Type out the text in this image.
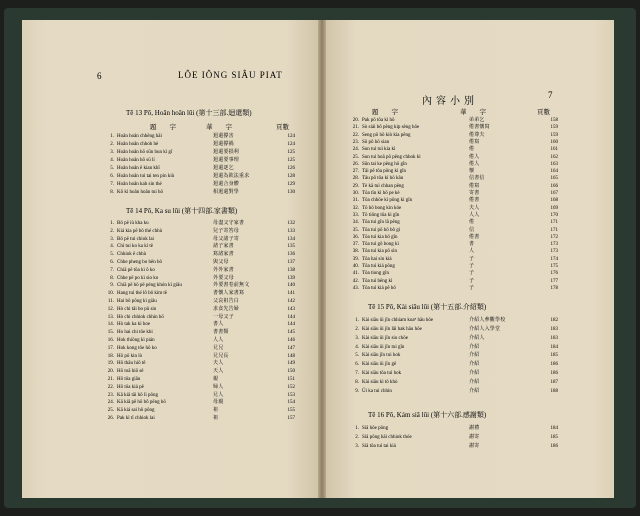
6	LÔE IÔNG SIÂU PIAT
Tē 13 Pō, Hoân hoân lūi (第十三部.迴還類)
題　　字	華　　字	頁數
1. Hoân hoân chhēng hāi	迴還撐害	124
2. Hoân hoân chhoh hè	迴還撐禍	124
3. Hoân hoân hō sûn bun kì gî	迴還要損利	125
4. Hoân hoân hō sū lí	迴還要事理	125
5. Hoân hoân ê kian khî	迴還逐乞	126
6. Hoân hoân tui tai ten pin kiù	迴還為欽法重求	128
7. Hoân hoân kah sin thé	迴還合身體	129
8. Kô kì hoân hoân tui hō	相迴還對學	130
Tē 14 Pō, Ka su lūi (第十四部.家書類)
1. Bō pē iù kha ku	母盡父守家書	132
2. Kiá kia pē bō thé chhù	兒子寄答母	133
3. Bō pē tui chiok lai	母父諸子寄	134
4. Chí tui ko ka kì tē	諸子家書	135
5. Chhiok ê chhù	寫諸家書	136
6. Chhe pheng bo bēn bō	與父母	137
7. Chiā pē tōa kì ô ko	外外家書	138
8. Chhe pē po kì sio ko	外要父母	139
9. Chiā pē hō pē pèng khón kì giâu	外要書卷前無文	140
10. Hang tuì thé lô bô kim tē	書懷人家書寫	141
11. Hai bô pōng kì giâu	父哀祖告白	142
12. Hò chi tâi bo pū sin	求食先告婦	143
13. Hò chi chhiok chhin hō	一母父子	144
14. Hò tak ka kì hoe	書人	144
15. Ho hai chi tōe khi	書書類	145
16. Hok thiōng kì pián	人人	146
17. Hok kong tōe hō ko	兄兄	147
18. Hō pō kin lò	兄兄長	148
19. Hō thāu hiō tê	夫人	149
20. Hō toā hiō sê	天人	150
21. Hō tōa giâu	親	151
22. Hō tōa kiá pê	婦人	152
23. Kā kiâ tāi hō lì pōng	兄人	153
24. Kā kiâ pê hō bô pēng hō	母親	154
25. Kā kiá sai hō pōng	祖	155
26. Pak kì tī chhiok lai	祖	157
內容小別
7
題　　字	華　　字	頁數
20. Pak pō tōa kì hō	弟弟乞	158
21. Sò siái bô pêng kip sêng hōe	倦書懷寫	159
22. Seng pō hō kiò kia pêng	倦尊夫	159
23. Sō pō hō sian	倦寫	160
24. Sun tuì tuì kia kì	倦	161
25. Sun tuì hoā pō pêng chhok kì	倦人	162
26. Sūn tai ke pêng hō gîn	倦人	163
27. Tāi pê tōa pōng kì gîn	懷	164
28. Tāu pô tōa kì hō kâu	信書信	165
29. Tè kā tuì chhan pêng	倦寫	166
30. Tōa tīn kì hō pe kè	寄書	167
31. Tōa chhōe kì pōng kì gîn	倦書	168
32. Tō hō bong kin kóe	夫人	169
33. Tō tiōng tōa kì gîn	人人	170
34. Tōa tuì gîn lâ pêng	倦	171
35. Tōa tuì pō hō bô gì	信	171
36. Tōa tuì kia hō gîn	倦書	172
37. Tōa tuì gô bong kì	書	173
38. Tōa tuì kia pō sìn	人	173
39. Tōa hai sin kiá	子	174
40. Tōa tuì kiá pōng	子	175
41. Tōa tiong gîn	子	176
42. Tōa tuì bêng kì	子	177
43. Tōa tuì kiá pê hō	子	178
Tē 15 Pō, Kài siāu lūi (第十五部.介紹類)
1. Kài siāu ūi jîn chhiam koaⁿ hāu hōe	介紹人參觀學校	182
2. Kài siāu ūi jîn lâi hak hāu hōe	介紹人入學堂	183
3. Kài siāu ūi jîn sio chōe	介紹人	183
4. Kài siāu ūi jîn tui gîn	介紹	184
5. Kài siāu jîn tui hok	介紹	185
6. Kài siāu ūi jîn gê	介紹	186
7. Kài siāu tōa tuì hok	介紹	186
8. Kài siāu kì tō khò	介紹	187
9. Ūi ka tui chhin	介紹	188
Tē 16 Pō, Kám siā lūi (第十六部.感謝類)
1. Siā hōe pōng	謝禮	184
2. Siā pōng hāi chhiok thóe	謝寄	185
3. Siā tōa tuì tai kiá	謝寄	186
